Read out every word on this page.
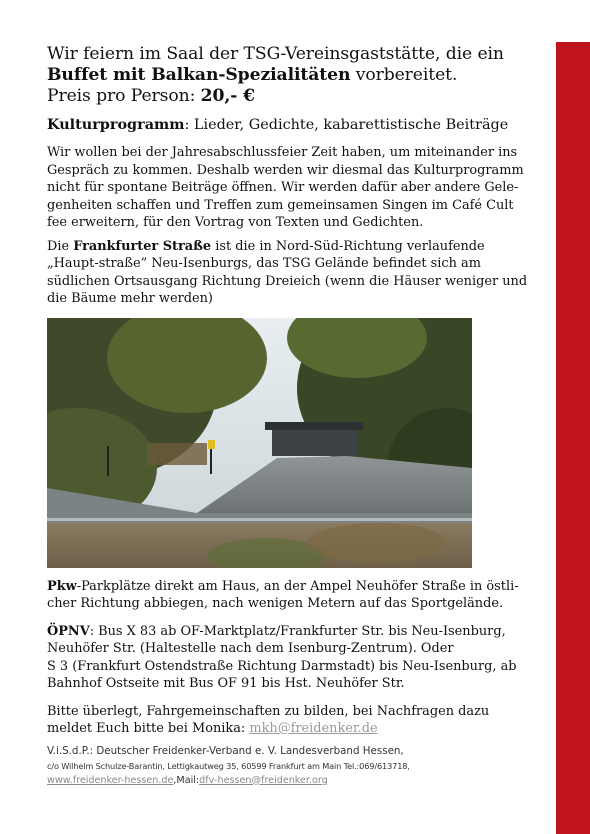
Wir feiern im Saal der TSG-Vereinsgaststätte, die ein
Buffet mit Balkan-Spezialitäten vorbereitet.
Preis pro Person: 20,- €

Kulturprogramm: Lieder, Gedichte, kabarettistische Beiträge

Wir wollen bei der Jahresabschlussfeier Zeit haben, um miteinander ins Gespräch zu kommen. Deshalb werden wir diesmal das Kulturprogramm nicht für spontane Beiträge öffnen. Wir werden dafür aber andere Gele-genheiten schaffen und Treffen zum gemeinsamen Singen im Café Cult fee erweitern, für den Vortrag von Texten und Gedichten.

Die Frankfurter Straße ist die in Nord-Süd-Richtung verlaufende „Haupt-straße” Neu-Isenburgs, das TSG Gelände befindet sich am südlichen Ortsausgang Richtung Dreieich (wenn die Häuser weniger und die Bäume mehr werden)

Pkw-Parkplätze direkt am Haus, an der Ampel Neuhöfer Straße in östli-cher Richtung abbiegen, nach wenigen Metern auf das Sportgelände.

ÖPNV: Bus X 83 ab OF-Marktplatz/Frankfurter Str. bis Neu-Isenburg,
Neuhöfer Str. (Haltestelle nach dem Isenburg-Zentrum). Oder
S 3 (Frankfurt Ostendstraße Richtung Darmstadt) bis Neu-Isenburg, ab
Bahnhof Ostseite mit Bus OF 91 bis Hst. Neuhöfer Str.

Bitte überlegt, Fahrgemeinschaften zu bilden, bei Nachfragen dazu meldet Euch bitte bei Monika: mkh@freidenker.de

V.i.S.d.P.: Deutscher Freidenker-Verband e. V. Landesverband Hessen,
c/o Wilhelm Schulze-Barantin, Lettigkautweg 35, 60599 Frankfurt am Main Tel.:069/613718,
www.freidenker-hessen.de,Mail:dfv-hessen@freidenker.org
